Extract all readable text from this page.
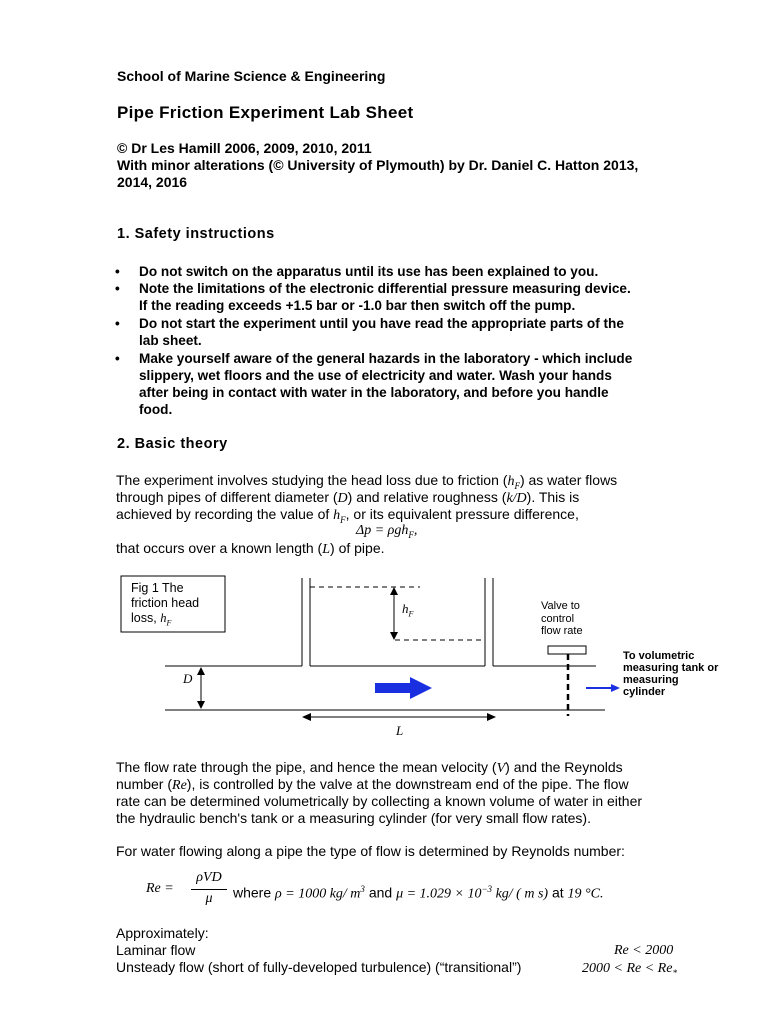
School of Marine Science & Engineering
Pipe Friction Experiment Lab Sheet
© Dr Les Hamill 2006, 2009, 2010, 2011
With minor alterations (© University of Plymouth) by Dr. Daniel C. Hatton 2013,
2014, 2016
1. Safety instructions
• Do not switch on the apparatus until its use has been explained to you.
• Note the limitations of the electronic differential pressure measuring device.
If the reading exceeds +1.5 bar or -1.0 bar then switch off the pump.
• Do not start the experiment until you have read the appropriate parts of the
lab sheet.
• Make yourself aware of the general hazards in the laboratory - which include
slippery, wet floors and the use of electricity and water. Wash your hands
after being in contact with water in the laboratory, and before you handle
food.
2. Basic theory
The experiment involves studying the head loss due to friction $(h_F)$ as water flows
through pipes of different diameter (D) and relative roughness (k/D). This is
achieved by recording the value of $h_F$, or its equivalent pressure difference,
Δp = ρgh$_F$,
that occurs over a known length (L) of pipe.
Fig 1 The
friction head
loss, $h_F$
$h_F$
D
L
Valve to
control
flow rate
To volumetric
measuring tank or
measuring
cylinder
The flow rate through the pipe, and hence the mean velocity (V) and the Reynolds
number (Re), is controlled by the valve at the downstream end of the pipe. The flow
rate can be determined volumetrically by collecting a known volume of water in either
the hydraulic bench's tank or a measuring cylinder (for very small flow rates).
For water flowing along a pipe the type of flow is determined by Reynolds number:
Re =
ρVD
μ	where ρ = 1000 kg/ $m^3$ and $\mu = 1.029 \times 10^{-3}$ kg/ ( m s) at 19 °C.
Approximately:
Laminar flow	Re < 2000
Unsteady flow (short of fully-developed turbulence) (“transitional”)	$2000 < Re < Re_*$
